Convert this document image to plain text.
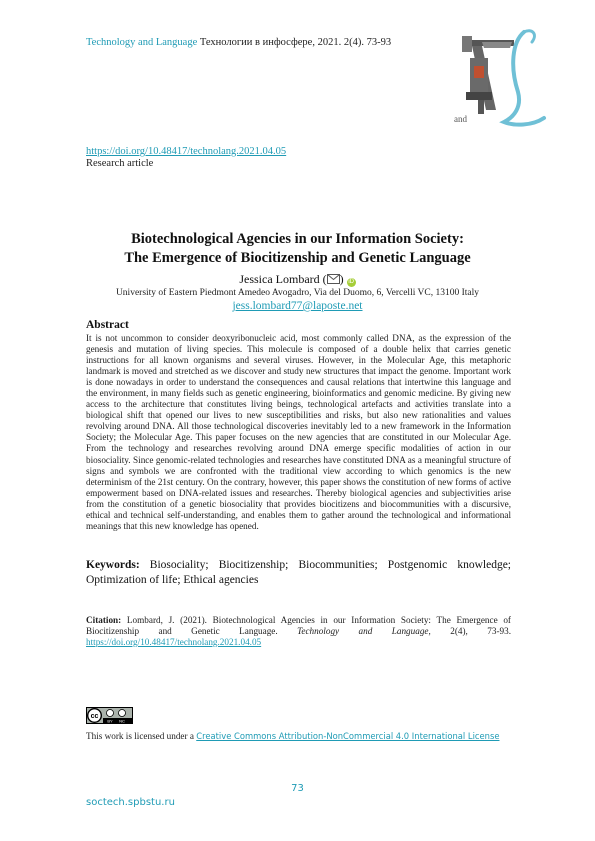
Technology and Language Технологии в инфосфере, 2021. 2(4). 73-93
and
https://doi.org/10.48417/technolang.2021.04.05
Research article
Biotechnological Agencies in our Information Society:
The Emergence of Biocitizenship and Genetic Language
Jessica Lombard ( ) iD
University of Eastern Piedmont Amedeo Avogadro, Via del Duomo, 6, Vercelli VC, 13100 Italy
jess.lombard77@laposte.net
Abstract
It is not uncommon to consider deoxyribonucleic acid, most commonly called DNA, as the expression of the genesis and mutation of living species. This molecule is composed of a double helix that carries genetic instructions for all known organisms and several viruses. However, in the Molecular Age, this metaphoric landmark is moved and stretched as we discover and study new structures that impact the genome. Important work is done nowadays in order to understand the consequences and causal relations that intertwine this language and the environment, in many fields such as genetic engineering, bioinformatics and genomic medicine. By giving new access to the architecture that constitutes living beings, technological artefacts and activities translate into a biological shift that opened our lives to new susceptibilities and risks, but also new rationalities and values revolving around DNA. All those technological discoveries inevitably led to a new framework in the Information Society; the Molecular Age. This paper focuses on the new agencies that are constituted in our Molecular Age. From the technology and researches revolving around DNA emerge specific modalities of action in our biosociality. Since genomic-related technologies and researches have constituted DNA as a meaningful structure of signs and symbols we are confronted with the traditional view according to which genomics is the new determinism of the 21st century. On the contrary, however, this paper shows the constitution of new forms of active empowerment based on DNA-related issues and researches. Thereby biological agencies and subjectivities arise from the constitution of a genetic biosociality that provides biocitizens and biocommunities with a discursive, ethical and technical self-understanding, and enables them to gather around the technological and informational meanings that this new knowledge has opened.
Keywords: Biosociality; Biocitizenship; Biocommunities; Postgenomic knowledge; Optimization of life; Ethical agencies
Citation: Lombard, J. (2021). Biotechnological Agencies in our Information Society: The Emergence of Biocitizenship and Genetic Language. Technology and Language, 2(4), 73-93. https://doi.org/10.48417/technolang.2021.04.05
cc
BY NC
This work is licensed under a Creative Commons Attribution-NonCommercial 4.0 International License
73
soctech.spbstu.ru
